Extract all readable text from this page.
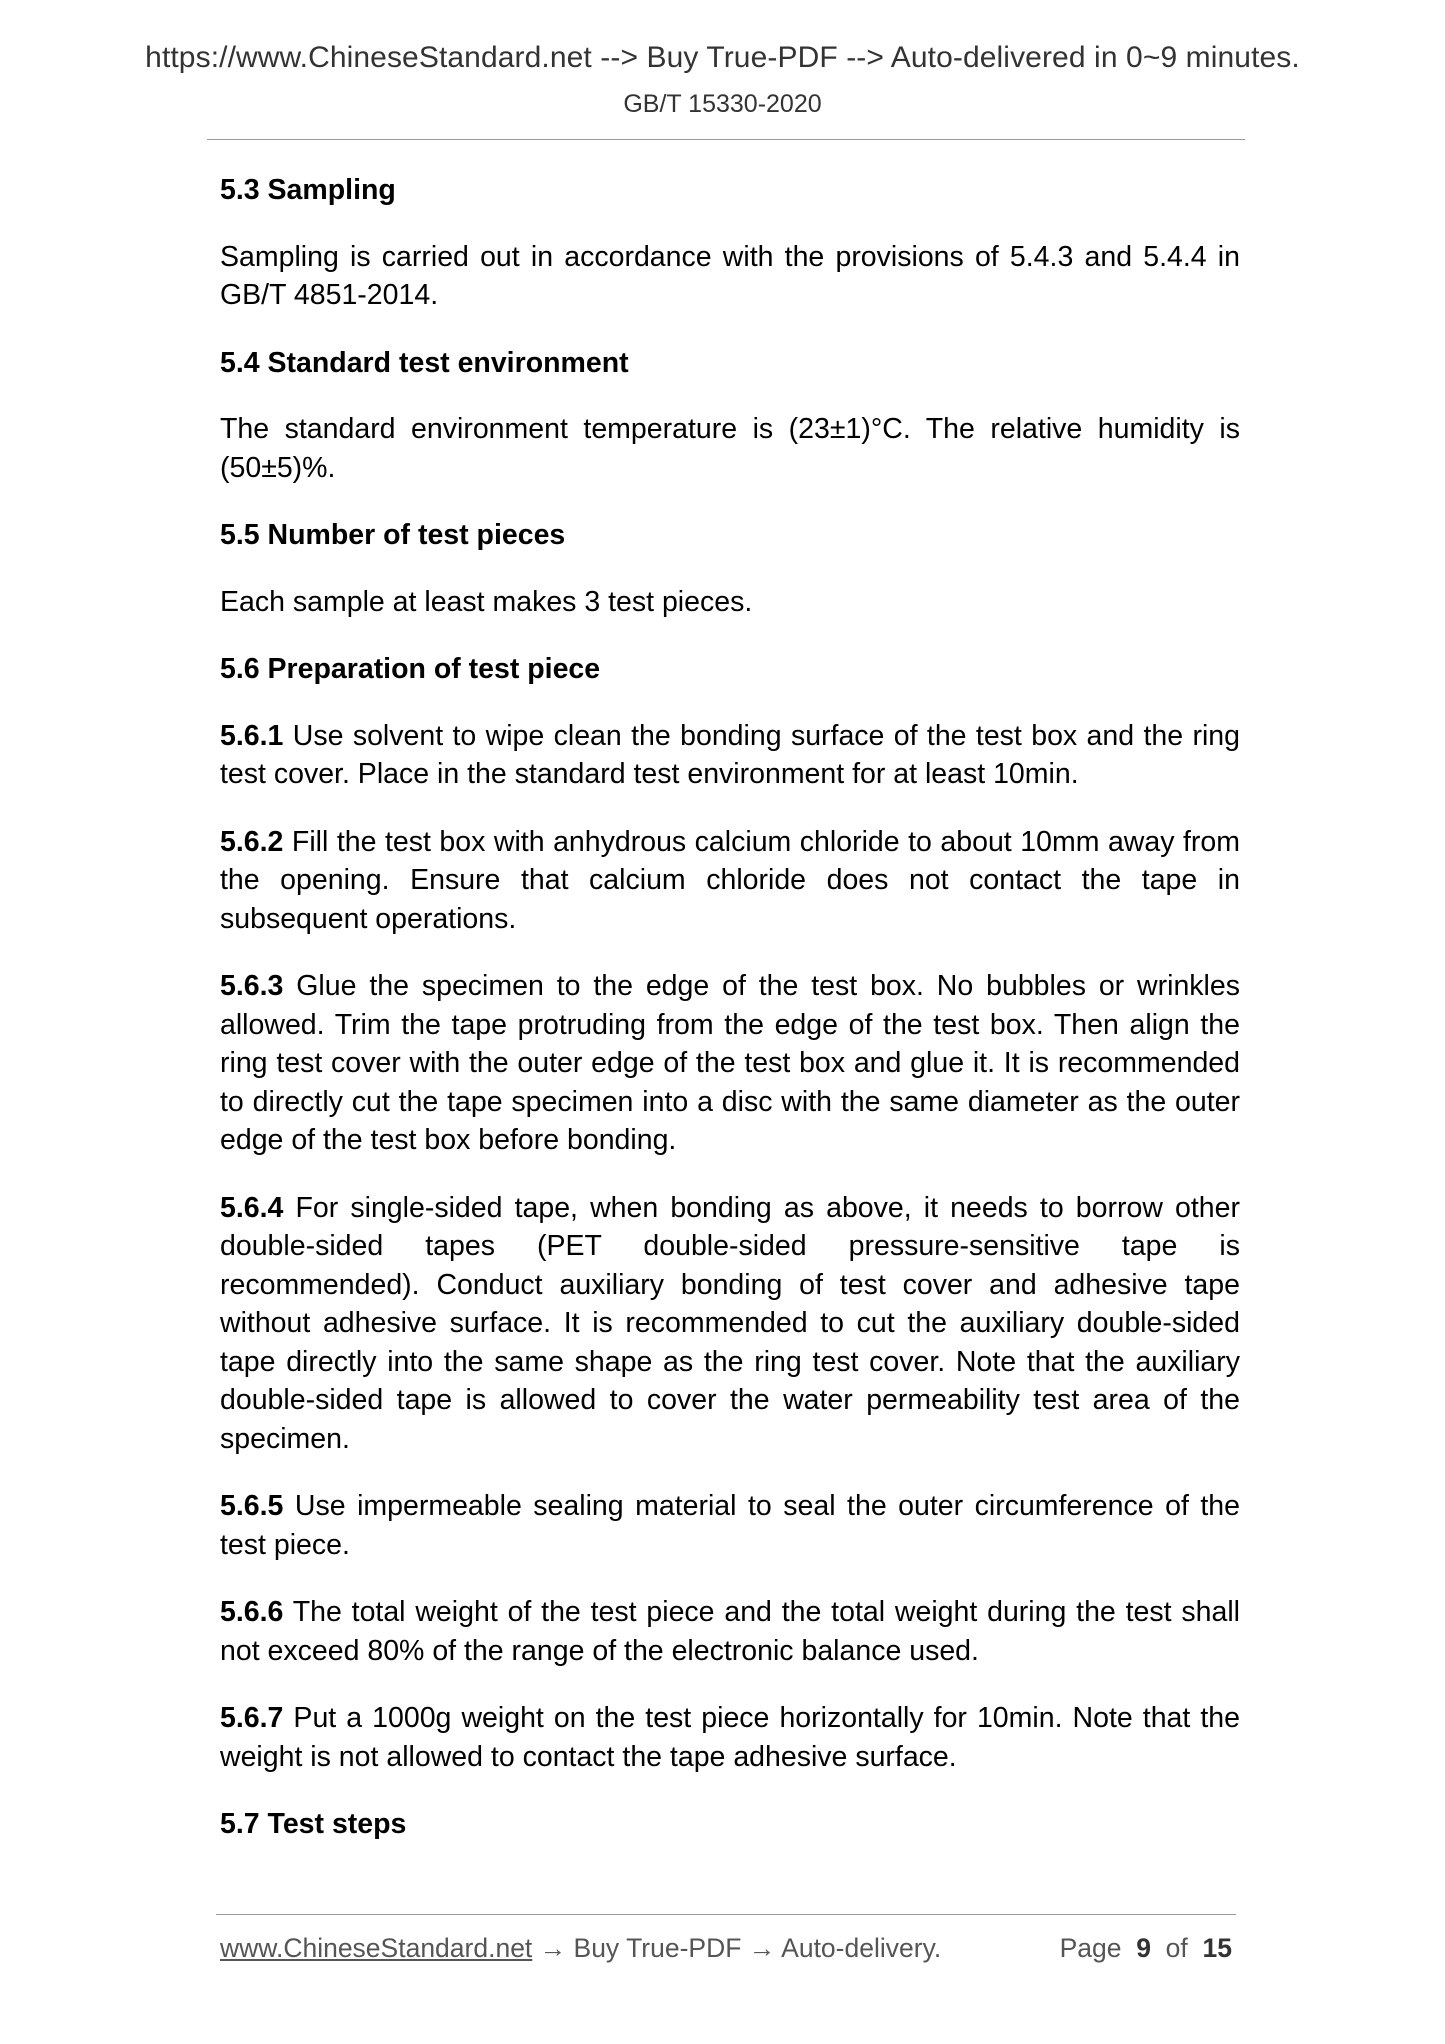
https://www.ChineseStandard.net --> Buy True-PDF --> Auto-delivered in 0~9 minutes.
GB/T 15330-2020
5.3 Sampling

Sampling is carried out in accordance with the provisions of 5.4.3 and 5.4.4 in GB/T 4851-2014.

5.4 Standard test environment

The standard environment temperature is (23±1)°C. The relative humidity is (50±5)%.

5.5 Number of test pieces

Each sample at least makes 3 test pieces.

5.6 Preparation of test piece

5.6.1 Use solvent to wipe clean the bonding surface of the test box and the ring test cover. Place in the standard test environment for at least 10min.

5.6.2 Fill the test box with anhydrous calcium chloride to about 10mm away from the opening. Ensure that calcium chloride does not contact the tape in subsequent operations.

5.6.3 Glue the specimen to the edge of the test box. No bubbles or wrinkles allowed. Trim the tape protruding from the edge of the test box. Then align the ring test cover with the outer edge of the test box and glue it. It is recommended to directly cut the tape specimen into a disc with the same diameter as the outer edge of the test box before bonding.

5.6.4 For single-sided tape, when bonding as above, it needs to borrow other double-sided tapes (PET double-sided pressure-sensitive tape is recommended). Conduct auxiliary bonding of test cover and adhesive tape without adhesive surface. It is recommended to cut the auxiliary double-sided tape directly into the same shape as the ring test cover. Note that the auxiliary double-sided tape is allowed to cover the water permeability test area of the specimen.

5.6.5 Use impermeable sealing material to seal the outer circumference of the test piece.

5.6.6 The total weight of the test piece and the total weight during the test shall not exceed 80% of the range of the electronic balance used.

5.6.7 Put a 1000g weight on the test piece horizontally for 10min. Note that the weight is not allowed to contact the tape adhesive surface.

5.7 Test steps
www.ChineseStandard.net → Buy True-PDF → Auto-delivery.	Page 9 of 15
